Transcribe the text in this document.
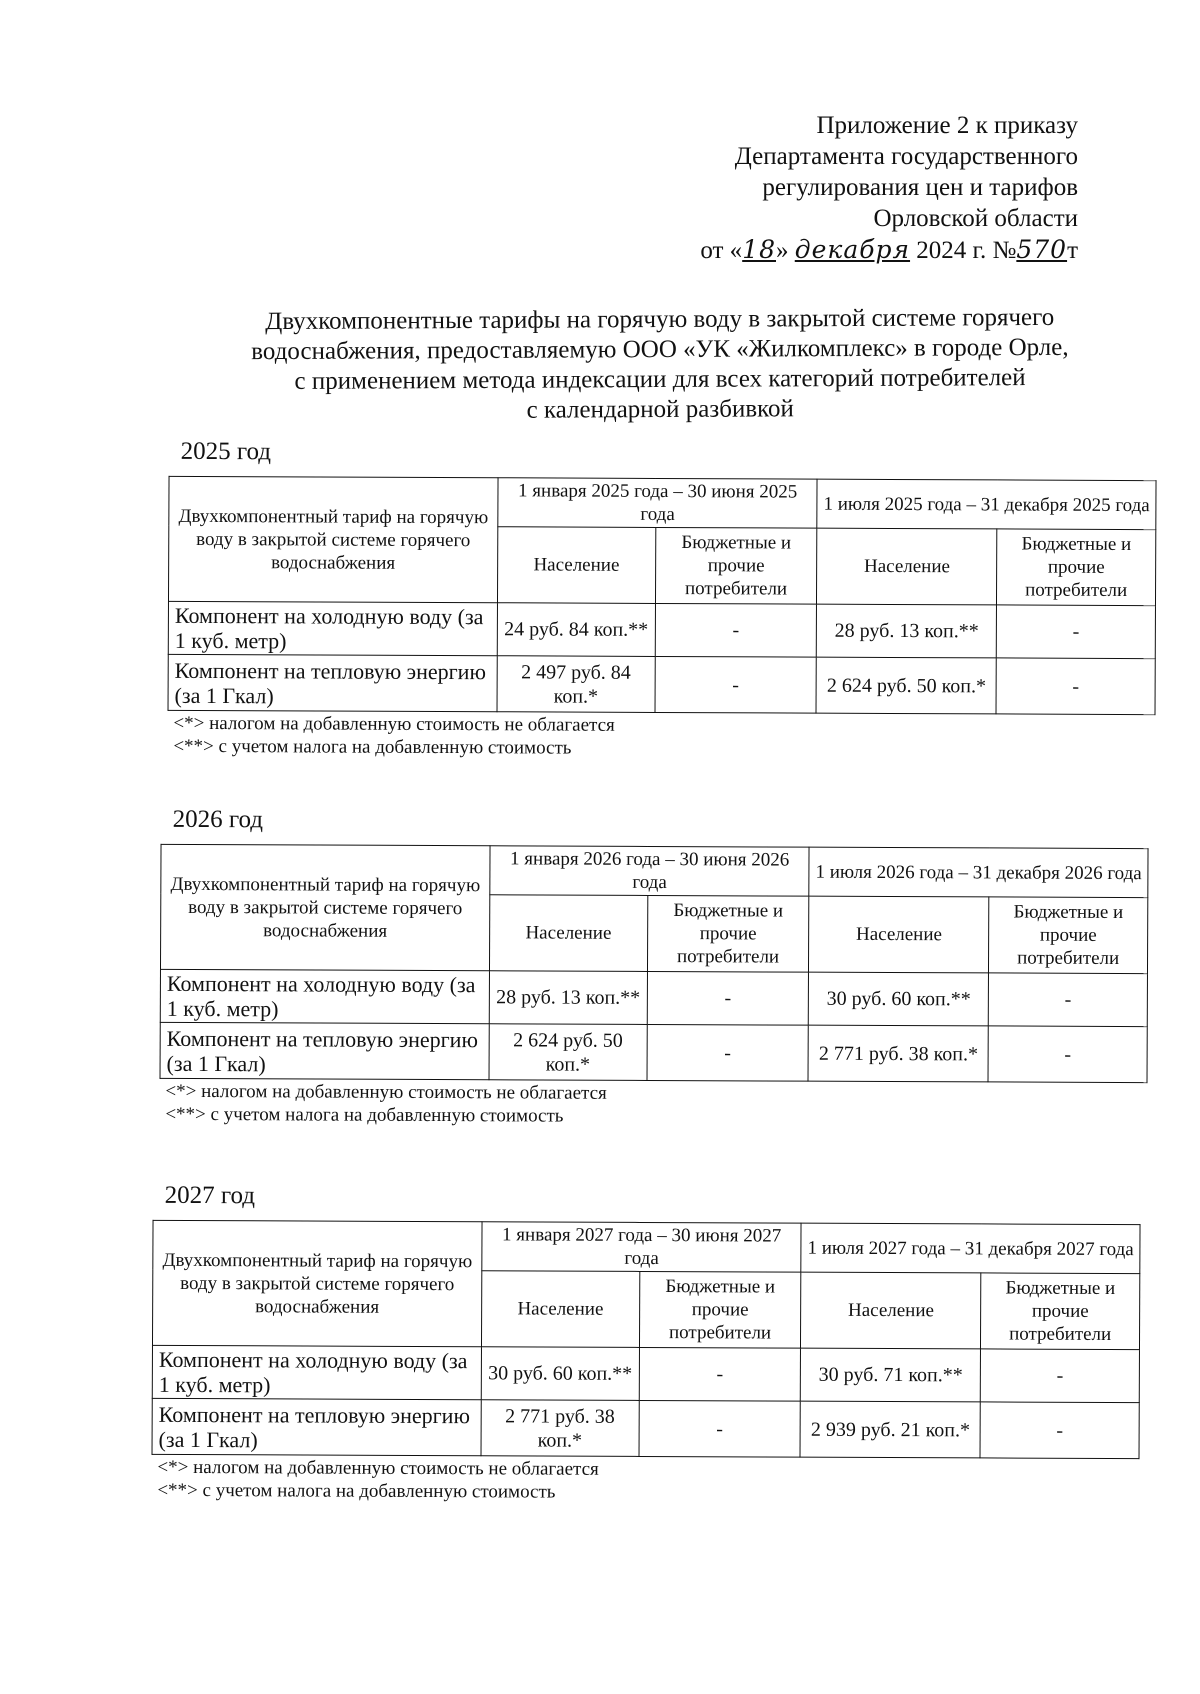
Приложение 2 к приказу
Департамента государственного
регулирования цен и тарифов
Орловской области
от «18» декабря 2024 г. №570т
Двухкомпонентные тарифы на горячую воду в закрытой системе горячего
водоснабжения, предоставляемую ООО «УК «Жилкомплекс» в городе Орле,
с применением метода индексации для всех категорий потребителей
с календарной разбивкой
2025 год
Двухкомпонентный тариф на горячую воду в закрытой системе горячего водоснабжения	1 января 2025 года – 30 июня 2025 года		1 июля 2025 года – 31 декабря 2025 года	
	Население	Бюджетные и прочие потребители	Население	Бюджетные и прочие потребители
Компонент на холодную воду (за 1 куб. метр)	24 руб. 84 коп.**	-	28 руб. 13 коп.**	-
Компонент на тепловую энергию (за 1 Гкал)	2 497 руб. 84 коп.*	-	2 624 руб. 50 коп.*	-
<*> налогом на добавленную стоимость не облагается
<**> с учетом налога на добавленную стоимость
2026 год
Двухкомпонентный тариф на горячую воду в закрытой системе горячего водоснабжения	1 января 2026 года – 30 июня 2026 года		1 июля 2026 года – 31 декабря 2026 года	
	Население	Бюджетные и прочие потребители	Население	Бюджетные и прочие потребители
Компонент на холодную воду (за 1 куб. метр)	28 руб. 13 коп.**	-	30 руб. 60 коп.**	-
Компонент на тепловую энергию (за 1 Гкал)	2 624 руб. 50 коп.*	-	2 771 руб. 38 коп.*	-
<*> налогом на добавленную стоимость не облагается
<**> с учетом налога на добавленную стоимость
2027 год
Двухкомпонентный тариф на горячую воду в закрытой системе горячего водоснабжения	1 января 2027 года – 30 июня 2027 года		1 июля 2027 года – 31 декабря 2027 года	
	Население	Бюджетные и прочие потребители	Население	Бюджетные и прочие потребители
Компонент на холодную воду (за 1 куб. метр)	30 руб. 60 коп.**	-	30 руб. 71 коп.**	-
Компонент на тепловую энергию (за 1 Гкал)	2 771 руб. 38 коп.*	-	2 939 руб. 21 коп.*	-
<*> налогом на добавленную стоимость не облагается
<**> с учетом налога на добавленную стоимость
